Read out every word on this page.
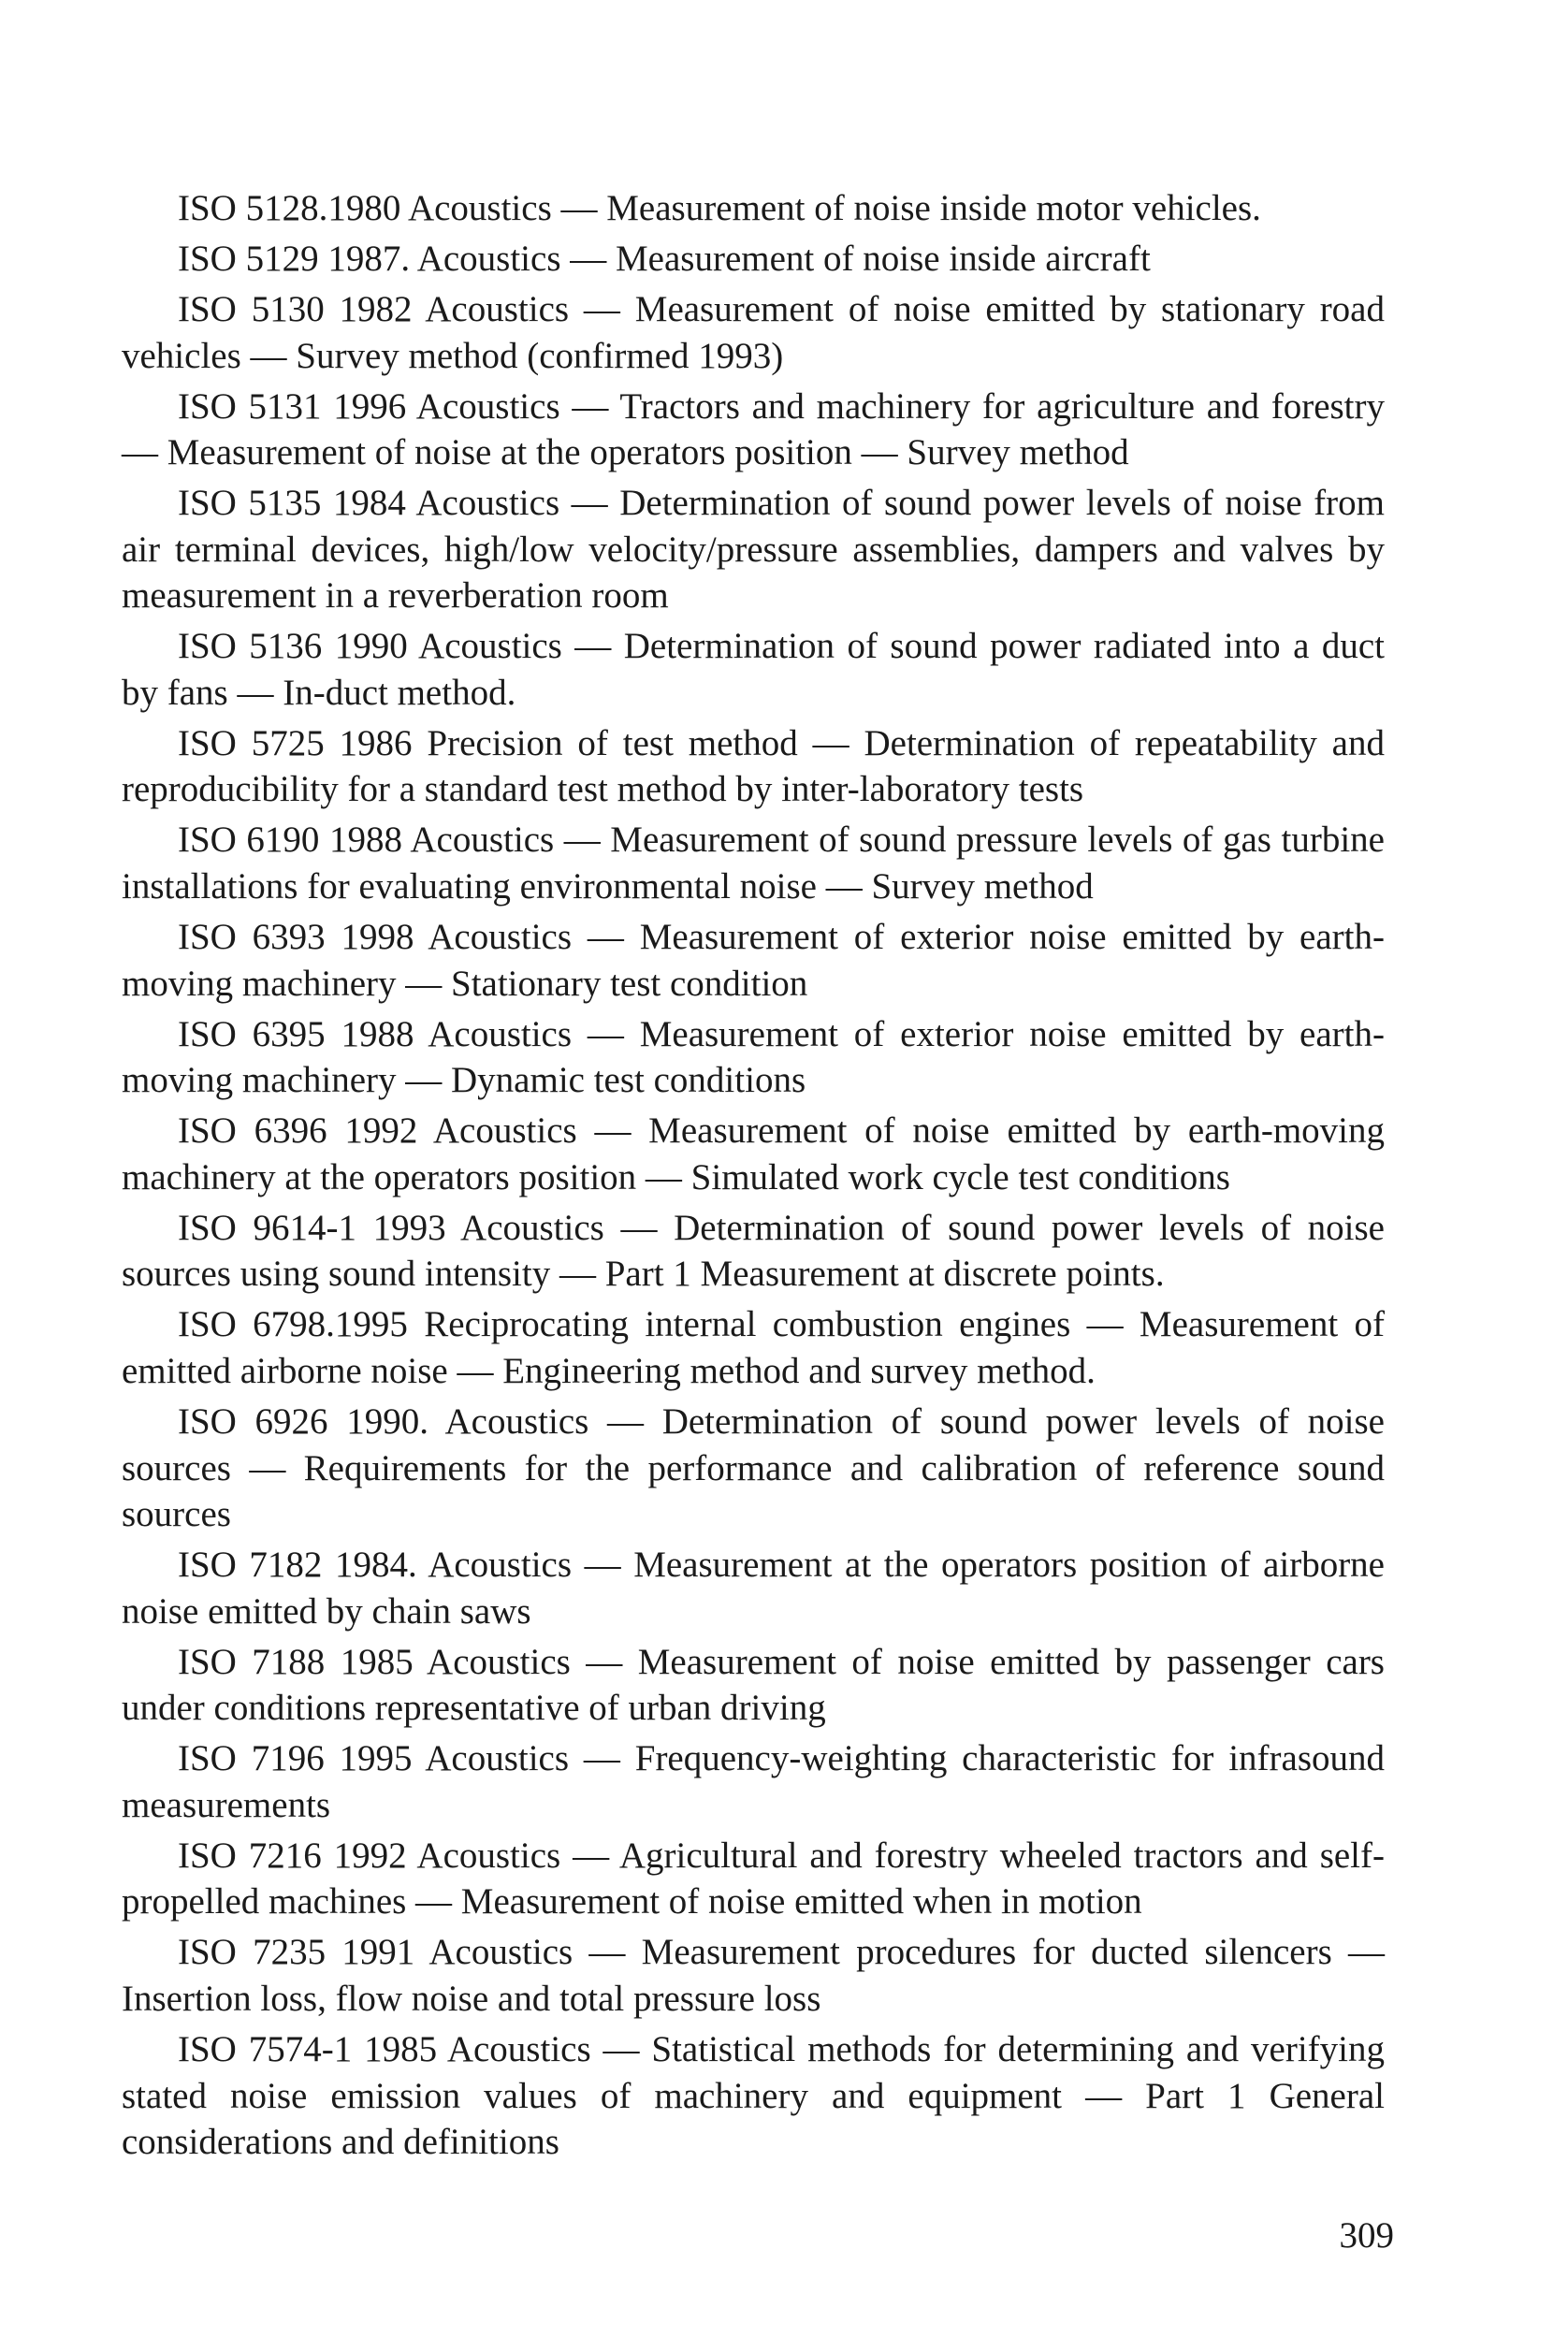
ISO 5128.1980 Acoustics — Measurement of noise inside motor vehicles.

ISO 5129 1987. Acoustics — Measurement of noise inside aircraft

ISO 5130 1982 Acoustics — Measurement of noise emitted by stationary road vehicles — Survey method (confirmed 1993)

ISO 5131 1996 Acoustics — Tractors and machinery for agriculture and forestry — Measurement of noise at the operators position — Survey method

ISO 5135 1984 Acoustics — Determination of sound power levels of noise from air terminal devices, high/low velocity/pressure assemblies, dampers and valves by measurement in a reverberation room

ISO 5136 1990 Acoustics — Determination of sound power radiated into a duct by fans — In-duct method.

ISO 5725 1986 Precision of test method — Determination of repeatability and reproducibility for a standard test method by inter-laboratory tests

ISO 6190 1988 Acoustics — Measurement of sound pressure levels of gas turbine installations for evaluating environmental noise — Survey method

ISO 6393 1998 Acoustics — Measurement of exterior noise emitted by earth-moving machinery — Stationary test condition

ISO 6395 1988 Acoustics — Measurement of exterior noise emitted by earth-moving machinery — Dynamic test conditions

ISO 6396 1992 Acoustics — Measurement of noise emitted by earth-moving machinery at the operators position — Simulated work cycle test conditions

ISO 9614-1 1993 Acoustics — Determination of sound power levels of noise sources using sound intensity — Part 1 Measurement at discrete points.

ISO 6798.1995 Reciprocating internal combustion engines — Measurement of emitted airborne noise — Engineering method and survey method.

ISO 6926 1990. Acoustics — Determination of sound power levels of noise sources — Requirements for the performance and calibration of reference sound sources

ISO 7182 1984. Acoustics — Measurement at the operators position of airborne noise emitted by chain saws

ISO 7188 1985 Acoustics — Measurement of noise emitted by passenger cars under conditions representative of urban driving

ISO 7196 1995 Acoustics — Frequency-weighting characteristic for infrasound measurements

ISO 7216 1992 Acoustics — Agricultural and forestry wheeled tractors and self-propelled machines — Measurement of noise emitted when in motion

ISO 7235 1991 Acoustics — Measurement procedures for ducted silencers — Insertion loss, flow noise and total pressure loss

ISO 7574-1 1985 Acoustics — Statistical methods for determining and verifying stated noise emission values of machinery and equipment — Part 1 General considerations and definitions

309
